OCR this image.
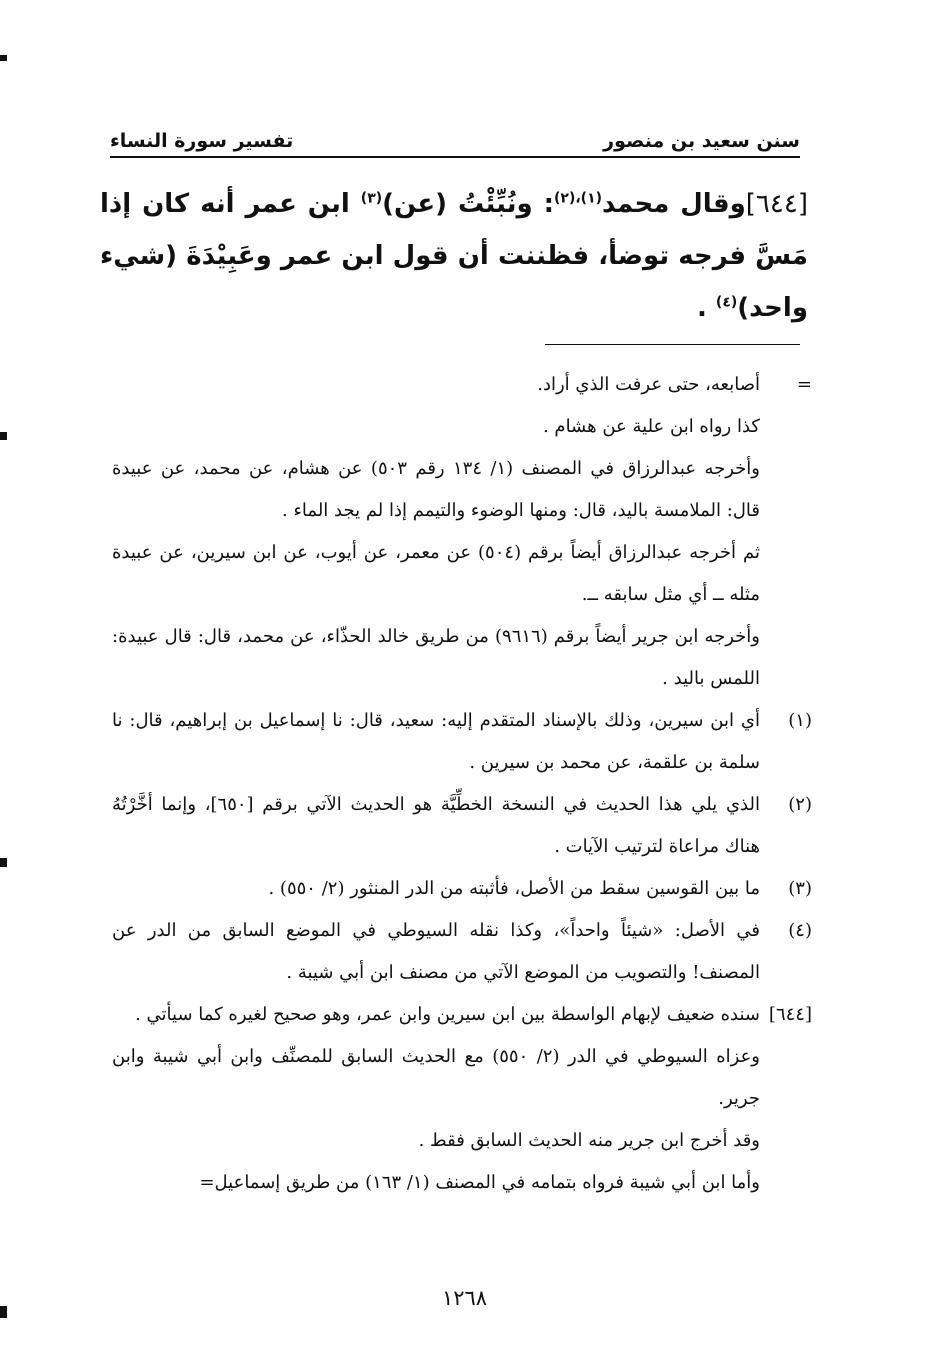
سنن سعيد بن منصور
تفسير سورة النساء
[٦٤٤]وقال محمد$^{(١)،(٢)}$: ونُبِّئْتُ (عن)$^{(٣)}$ ابن عمر أنه كان إذا مَسَّ فرجه توضأ، فظننت أن قول ابن عمر وعَبِيْدَةَ (شيء واحد)$^{(٤)}$ .
=

أصابعه، حتى عرفت الذي أراد.

كذا رواه ابن علية عن هشام .

وأخرجه عبدالرزاق في المصنف (١/ ١٣٤ رقم ٥٠٣) عن هشام، عن محمد، عن عبيدة قال: الملامسة باليد، قال: ومنها الوضوء والتيمم إذا لم يجد الماء .

ثم أخرجه عبدالرزاق أيضاً برقم (٥٠٤) عن معمر، عن أيوب، عن ابن سيرين، عن عبيدة مثله ــ أي مثل سابقه ــ.

وأخرجه ابن جرير أيضاً برقم (٩٦١٦) من طريق خالد الحذّاء، عن محمد، قال: قال عبيدة: اللمس باليد .

(١)

أي ابن سيرين، وذلك بالإسناد المتقدم إليه: سعيد، قال: نا إسماعيل بن إبراهيم، قال: نا سلمة بن علقمة، عن محمد بن سيرين .

(٢)

الذي يلي هذا الحديث في النسخة الخطِّيَّة هو الحديث الآتي برقم [٦٥٠]، وإنما أخَّرْتُهُ هناك مراعاة لترتيب الآيات .

(٣)

ما بين القوسين سقط من الأصل، فأثبته من الدر المنثور (٢/ ٥٥٠) .

(٤)

في الأصل: «شيئاً واحداً»، وكذا نقله السيوطي في الموضع السابق من الدر عن المصنف! والتصويب من الموضع الآتي من مصنف ابن أبي شيبة .

[٦٤٤]

سنده ضعيف لإبهام الواسطة بين ابن سيرين وابن عمر، وهو صحيح لغيره كما سيأتي .

وعزاه السيوطي في الدر (٢/ ٥٥٠) مع الحديث السابق للمصنِّف وابن أبي شيبة وابن جرير.

وقد أخرج ابن جرير منه الحديث السابق فقط .

وأما ابن أبي شيبة فرواه بتمامه في المصنف (١/ ١٦٣) من طريق إسماعيل=

١٢٦٨
